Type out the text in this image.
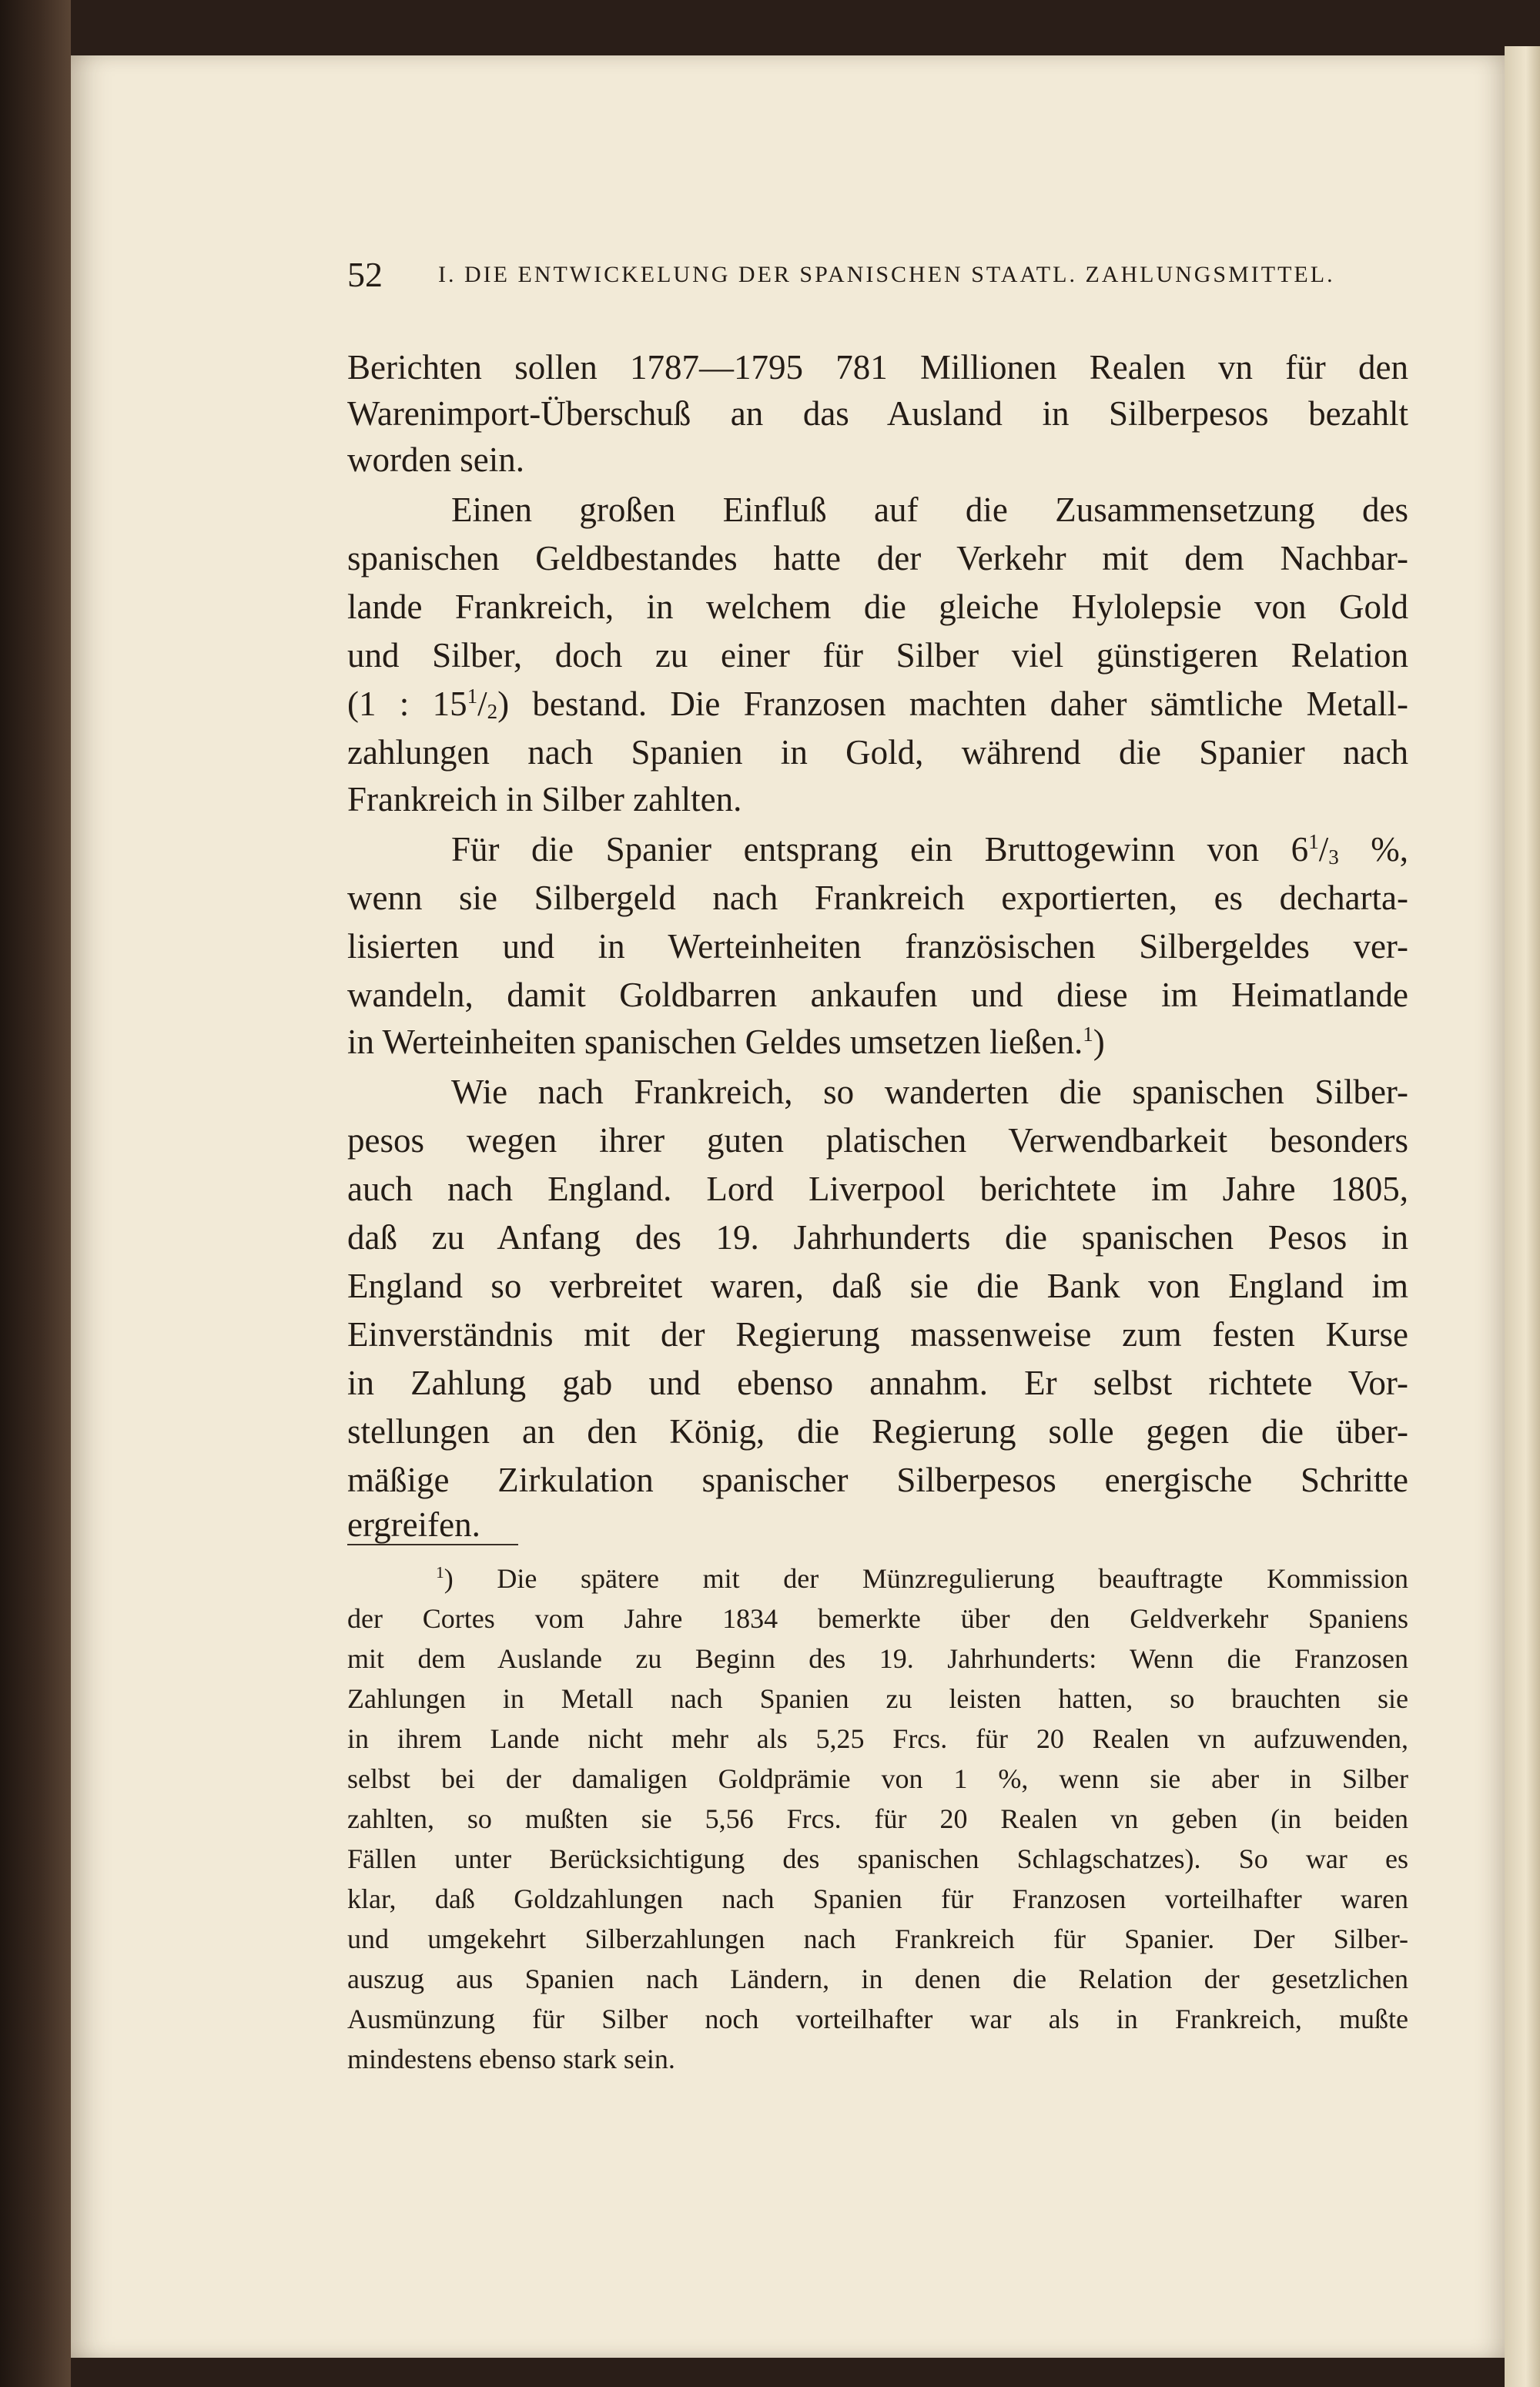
52 I. DIE ENTWICKELUNG DER SPANISCHEN STAATL. ZAHLUNGSMITTEL.
Berichten sollen 1787—1795 781 Millionen Realen vn für den
Warenimport-Überschuß an das Ausland in Silberpesos bezahlt
worden sein.
Einen großen Einfluß auf die Zusammensetzung des
spanischen Geldbestandes hatte der Verkehr mit dem Nachbar-
lande Frankreich, in welchem die gleiche Hylolepsie von Gold
und Silber, doch zu einer für Silber viel günstigeren Relation
(1 : $15^1/_2$) bestand. Die Franzosen machten daher sämtliche Metall-
zahlungen nach Spanien in Gold, während die Spanier nach
Frankreich in Silber zahlten.
Für die Spanier entsprang ein Bruttogewinn von $6^1/_3$ %,
wenn sie Silbergeld nach Frankreich exportierten, es decharta-
lisierten und in Werteinheiten französischen Silbergeldes ver-
wandeln, damit Goldbarren ankaufen und diese im Heimatlande
in Werteinheiten spanischen Geldes umsetzen ließen.$^1$)
Wie nach Frankreich, so wanderten die spanischen Silber-
pesos wegen ihrer guten platischen Verwendbarkeit besonders
auch nach England. Lord Liverpool berichtete im Jahre 1805,
daß zu Anfang des 19. Jahrhunderts die spanischen Pesos in
England so verbreitet waren, daß sie die Bank von England im
Einverständnis mit der Regierung massenweise zum festen Kurse
in Zahlung gab und ebenso annahm. Er selbst richtete Vor-
stellungen an den König, die Regierung solle gegen die über-
mäßige Zirkulation spanischer Silberpesos energische Schritte
ergreifen.
$^1$) Die spätere mit der Münzregulierung beauftragte Kommission
der Cortes vom Jahre 1834 bemerkte über den Geldverkehr Spaniens
mit dem Auslande zu Beginn des 19. Jahrhunderts: Wenn die Franzosen
Zahlungen in Metall nach Spanien zu leisten hatten, so brauchten sie
in ihrem Lande nicht mehr als 5,25 Frcs. für 20 Realen vn aufzuwenden,
selbst bei der damaligen Goldprämie von 1 %, wenn sie aber in Silber
zahlten, so mußten sie 5,56 Frcs. für 20 Realen vn geben (in beiden
Fällen unter Berücksichtigung des spanischen Schlagschatzes). So war es
klar, daß Goldzahlungen nach Spanien für Franzosen vorteilhafter waren
und umgekehrt Silberzahlungen nach Frankreich für Spanier. Der Silber-
auszug aus Spanien nach Ländern, in denen die Relation der gesetzlichen
Ausmünzung für Silber noch vorteilhafter war als in Frankreich, mußte
mindestens ebenso stark sein.
